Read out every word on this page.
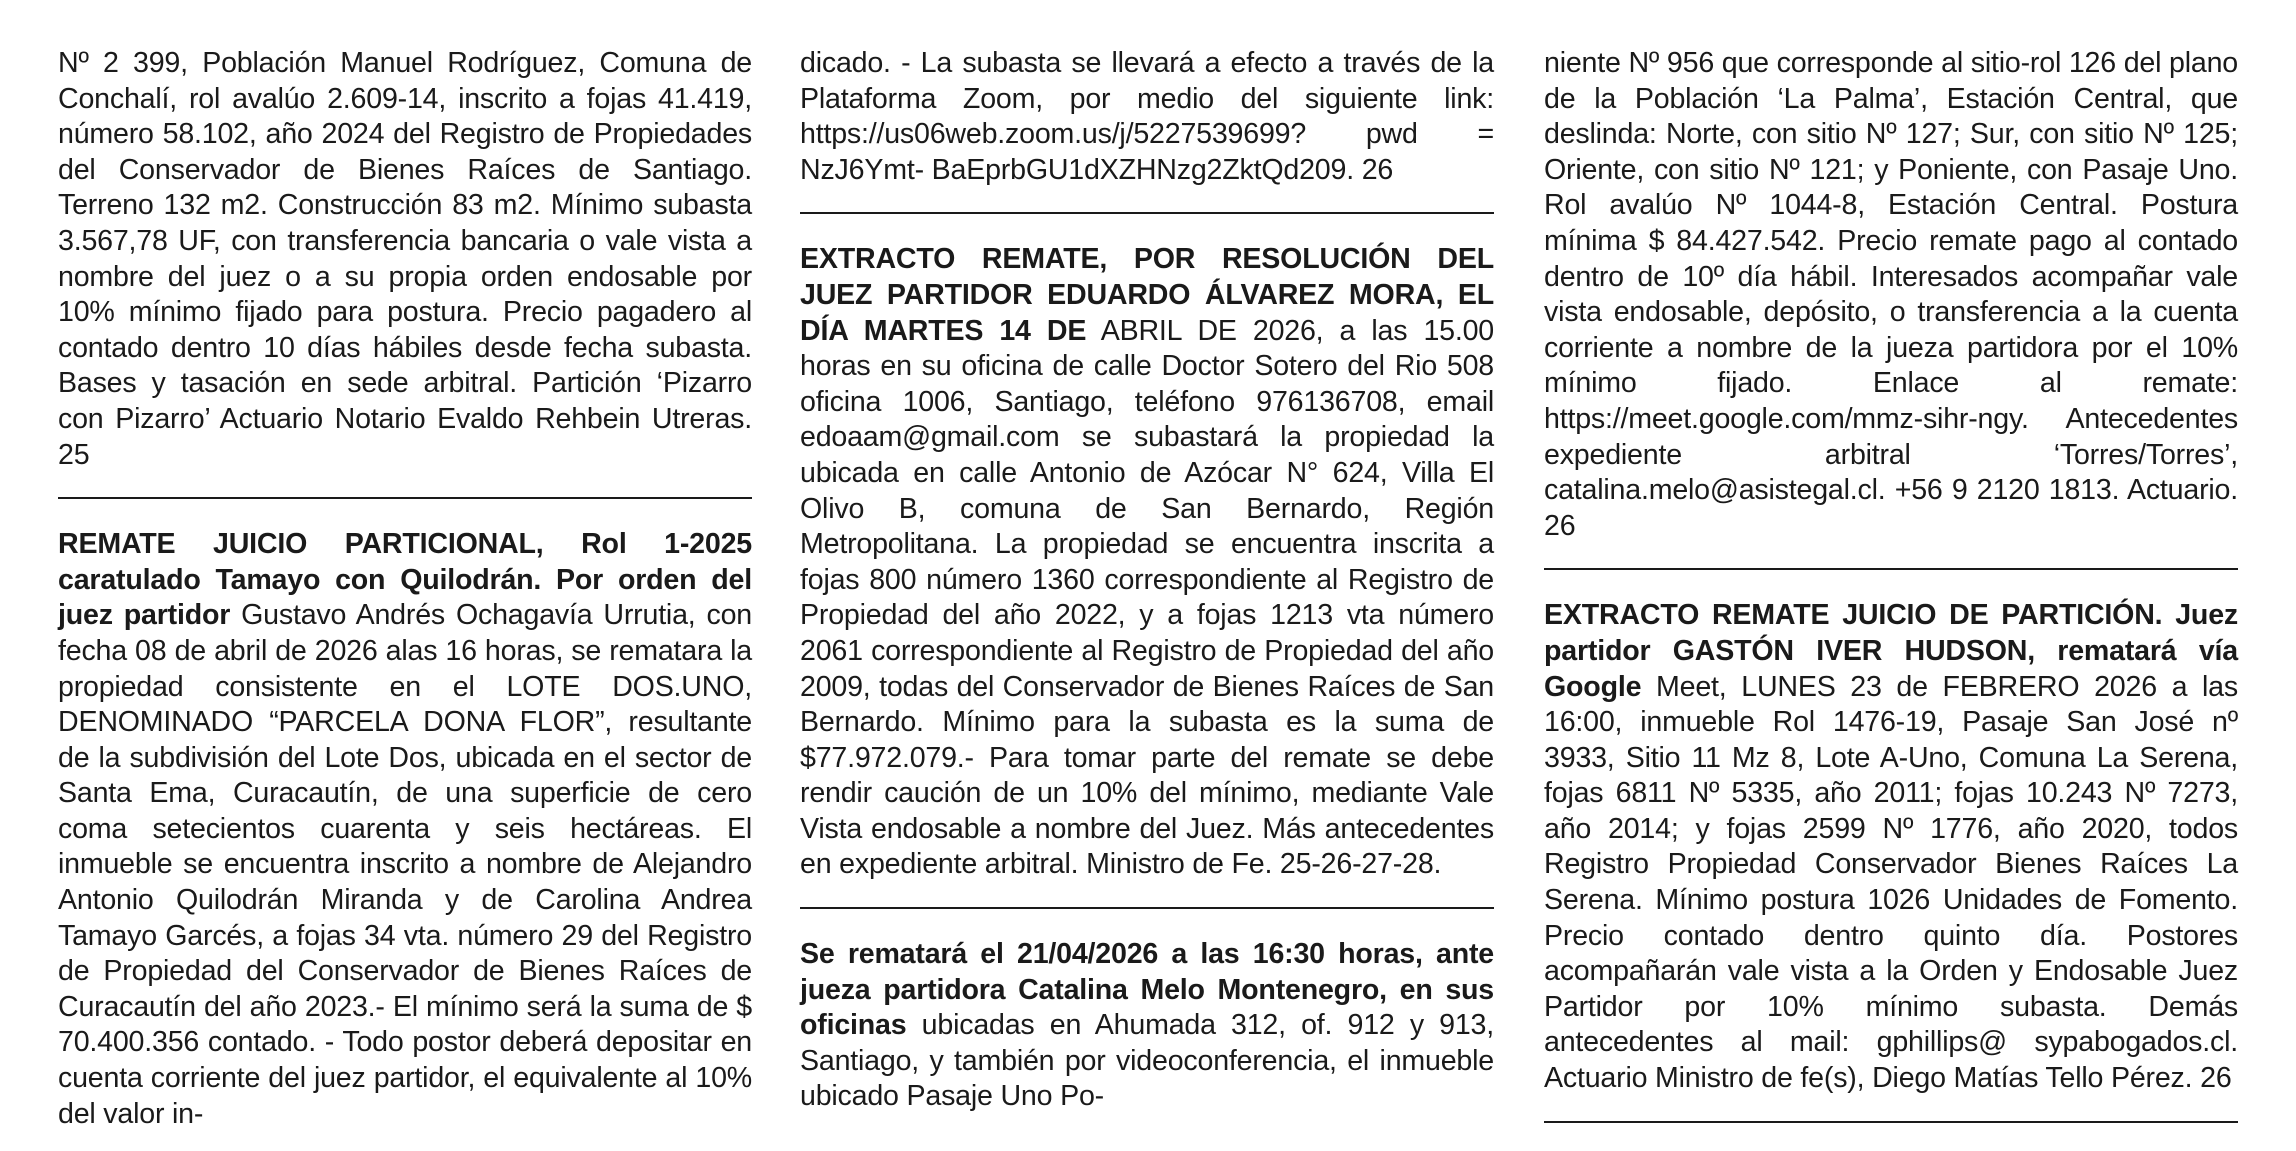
Nº 2 399, Población Manuel Rodríguez, Comuna de Conchalí, rol avalúo 2.609-14, inscrito a fojas 41.419, número 58.102, año 2024 del Registro de Propiedades del Conservador de Bienes Raíces de Santiago. Terreno 132 m2. Construcción 83 m2. Mínimo subasta 3.567,78 UF, con transferencia bancaria o vale vista a nombre del juez o a su propia orden endosable por 10% mínimo fijado para postura. Precio pagadero al contado dentro 10 días hábiles desde fecha subasta. Bases y tasación en sede arbitral. Partición ‘Pizarro con Pizarro’ Actuario Notario Evaldo Rehbein Utreras. 25

REMATE JUICIO PARTICIONAL, Rol 1-2025 caratulado Tamayo con Quilodrán. Por orden del juez partidor Gustavo Andrés Ochagavía Urrutia, con fecha 08 de abril de 2026 alas 16 horas, se rematara la propiedad consistente en el LOTE DOS.UNO, DENOMINADO “PARCELA DONA FLOR”, resultante de la subdivisión del Lote Dos, ubicada en el sector de Santa Ema, Curacautín, de una superficie de cero coma setecientos cuarenta y seis hectáreas. El inmueble se encuentra inscrito a nombre de Alejandro Antonio Quilodrán Miranda y de Carolina Andrea Tamayo Garcés, a fojas 34 vta. número 29 del Registro de Propiedad del Conservador de Bienes Raíces de Curacautín del año 2023.- El mínimo será la suma de $ 70.400.356 contado. - Todo postor deberá depositar en cuenta corriente del juez partidor, el equivalente al 10% del valor in-

dicado. - La subasta se llevará a efecto a través de la Plataforma Zoom, por medio del siguiente link: https://us06web.zoom.us/j/5227539699? pwd = NzJ6Ymt- BaEprbGU1dXZHNzg2ZktQd209. 26

EXTRACTO REMATE, POR RESOLUCIÓN DEL JUEZ PARTIDOR EDUARDO ÁLVAREZ MORA, EL DÍA MARTES 14 DE ABRIL DE 2026, a las 15.00 horas en su oficina de calle Doctor Sotero del Rio 508 oficina 1006, Santiago, teléfono 976136708, email edoaam@gmail.com se subastará la propiedad la ubicada en calle Antonio de Azócar N° 624, Villa El Olivo B, comuna de San Bernardo, Región Metropolitana. La propiedad se encuentra inscrita a fojas 800 número 1360 correspondiente al Registro de Propiedad del año 2022, y a fojas 1213 vta número 2061 correspondiente al Registro de Propiedad del año 2009, todas del Conservador de Bienes Raíces de San Bernardo. Mínimo para la subasta es la suma de $77.972.079.- Para tomar parte del remate se debe rendir caución de un 10% del mínimo, mediante Vale Vista endosable a nombre del Juez. Más antecedentes en expediente arbitral. Ministro de Fe. 25-26-27-28.

Se rematará el 21/04/2026 a las 16:30 horas, ante jueza partidora Catalina Melo Montenegro, en sus oficinas ubicadas en Ahumada 312, of. 912 y 913, Santiago, y también por videoconferencia, el inmueble ubicado Pasaje Uno Po-

niente Nº 956 que corresponde al sitio-rol 126 del plano de la Población ‘La Palma’, Estación Central, que deslinda: Norte, con sitio Nº 127; Sur, con sitio Nº 125; Oriente, con sitio Nº 121; y Poniente, con Pasaje Uno. Rol avalúo Nº 1044-8, Estación Central. Postura mínima $ 84.427.542. Precio remate pago al contado dentro de 10º día hábil. Interesados acompañar vale vista endosable, depósito, o transferencia a la cuenta corriente a nombre de la jueza partidora por el 10% mínimo fijado. Enlace al remate: https://meet.google.com/mmz-sihr-ngy. Antecedentes expediente arbitral ‘Torres/Torres’, catalina.melo@asistegal.cl. +56 9 2120 1813. Actuario. 26

EXTRACTO REMATE JUICIO DE PARTICIÓN. Juez partidor GASTÓN IVER HUDSON, rematará vía Google Meet, LUNES 23 de FEBRERO 2026 a las 16:00, inmueble Rol 1476-19, Pasaje San José nº 3933, Sitio 11 Mz 8, Lote A-Uno, Comuna La Serena, fojas 6811 Nº 5335, año 2011; fojas 10.243 Nº 7273, año 2014; y fojas 2599 Nº 1776, año 2020, todos Registro Propiedad Conservador Bienes Raíces La Serena. Mínimo postura 1026 Unidades de Fomento. Precio contado dentro quinto día. Postores acompañarán vale vista a la Orden y Endosable Juez Partidor por 10% mínimo subasta. Demás antecedentes al mail: gphillips@ sypabogados.cl. Actuario Ministro de fe(s), Diego Matías Tello Pérez. 26
